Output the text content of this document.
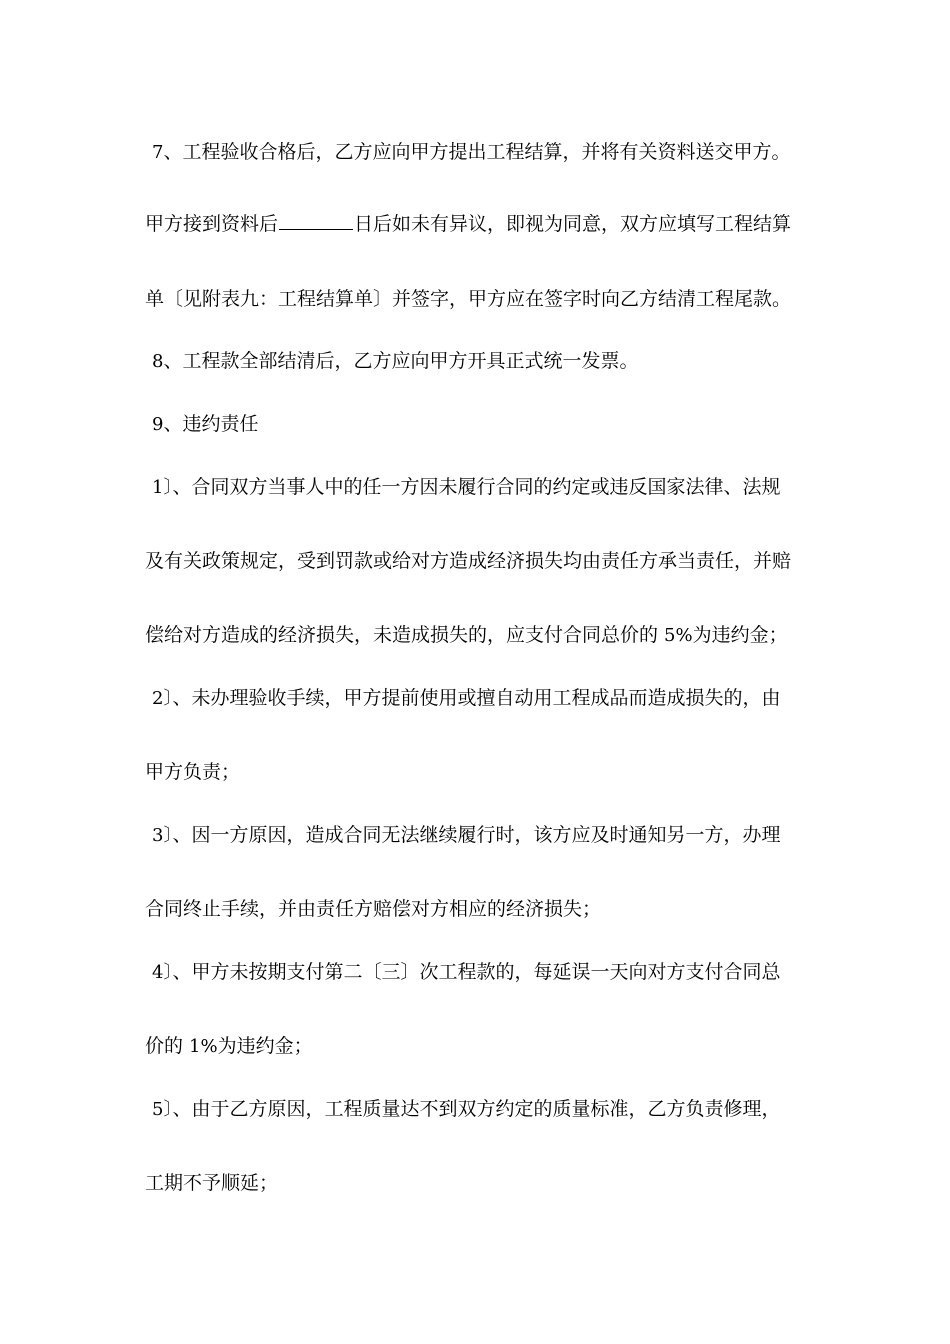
7、工程验收合格后，乙方应向甲方提出工程结算，并将有关资料送交甲方。
甲方接到资料后	日后如未有异议，即视为同意，双方应填写工程结算
单〔见附表九：工程结算单〕并签字，甲方应在签字时向乙方结清工程尾款。
8、工程款全部结清后，乙方应向甲方开具正式统一发票。
9、违约责任
1〕、合同双方当事人中的任一方因未履行合同的约定或违反国家法律、法规
及有关政策规定，受到罚款或给对方造成经济损失均由责任方承当责任，并赔
偿给对方造成的经济损失，未造成损失的，应支付合同总价的 5%为违约金；
2〕、未办理验收手续，甲方提前使用或擅自动用工程成品而造成损失的，由
甲方负责；
3〕、因一方原因，造成合同无法继续履行时，该方应及时通知另一方，办理
合同终止手续，并由责任方赔偿对方相应的经济损失；
4〕、甲方未按期支付第二〔三〕次工程款的，每延误一天向对方支付合同总
价的 1%为违约金；
5〕、由于乙方原因，工程质量达不到双方约定的质量标准，乙方负责修理，
工期不予顺延；
